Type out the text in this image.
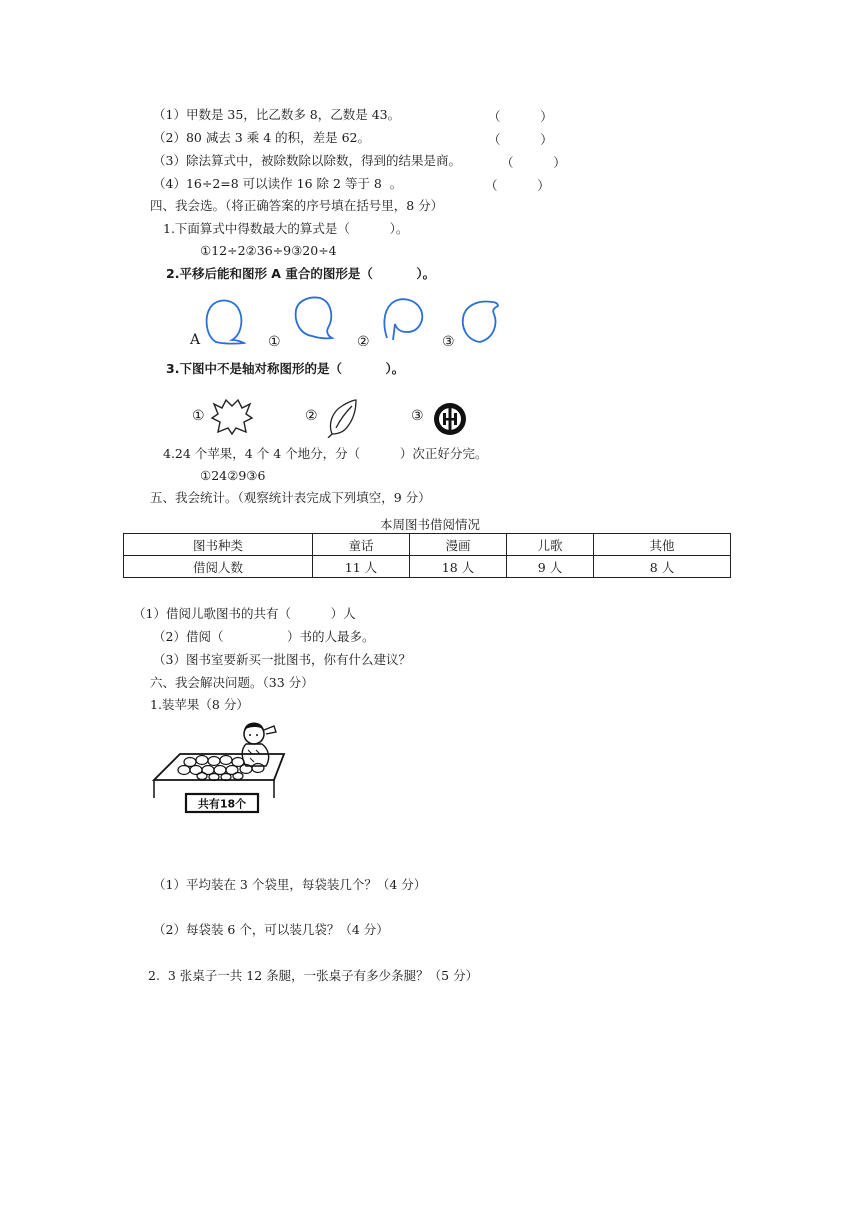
（1）甲数是 35，比乙数多 8，乙数是 43。	（          ）
（2）80 减去 3 乘 4 的积，差是 62。	（          ）
（3）除法算式中，被除数除以除数，得到的结果是商。	（          ）
（4）16÷2=8 可以读作 16 除 2 等于 8  。	（          ）
四、我会选。（将正确答案的序号填在括号里，8 分）
1.下面算式中得数最大的算式是（          ）。
①12÷2②36÷9③20÷4
2.平移后能和图形 A 重合的图形是（          ）。
A	①	②	③
3.下图中不是轴对称图形的是（          ）。
①	②	③
4.24 个苹果，4 个 4 个地分，分（          ）次正好分完。
①24②9③6
五、我会统计。（观察统计表完成下列填空，9 分）
本周图书借阅情况
图书种类	童话	漫画	儿歌	其他
借阅人数	11 人	18 人	9 人	8 人
（1）借阅儿歌图书的共有（          ）人
（2）借阅（                ）书的人最多。
（3）图书室要新买一批图书，你有什么建议？
六、我会解决问题。（33 分）
1.装苹果（8 分）
共有18个
（1）平均装在 3 个袋里，每袋装几个？（4 分）
（2）每袋装 6 个，可以装几袋？（4 分）
2.  3 张桌子一共 12 条腿，一张桌子有多少条腿？（5 分）
